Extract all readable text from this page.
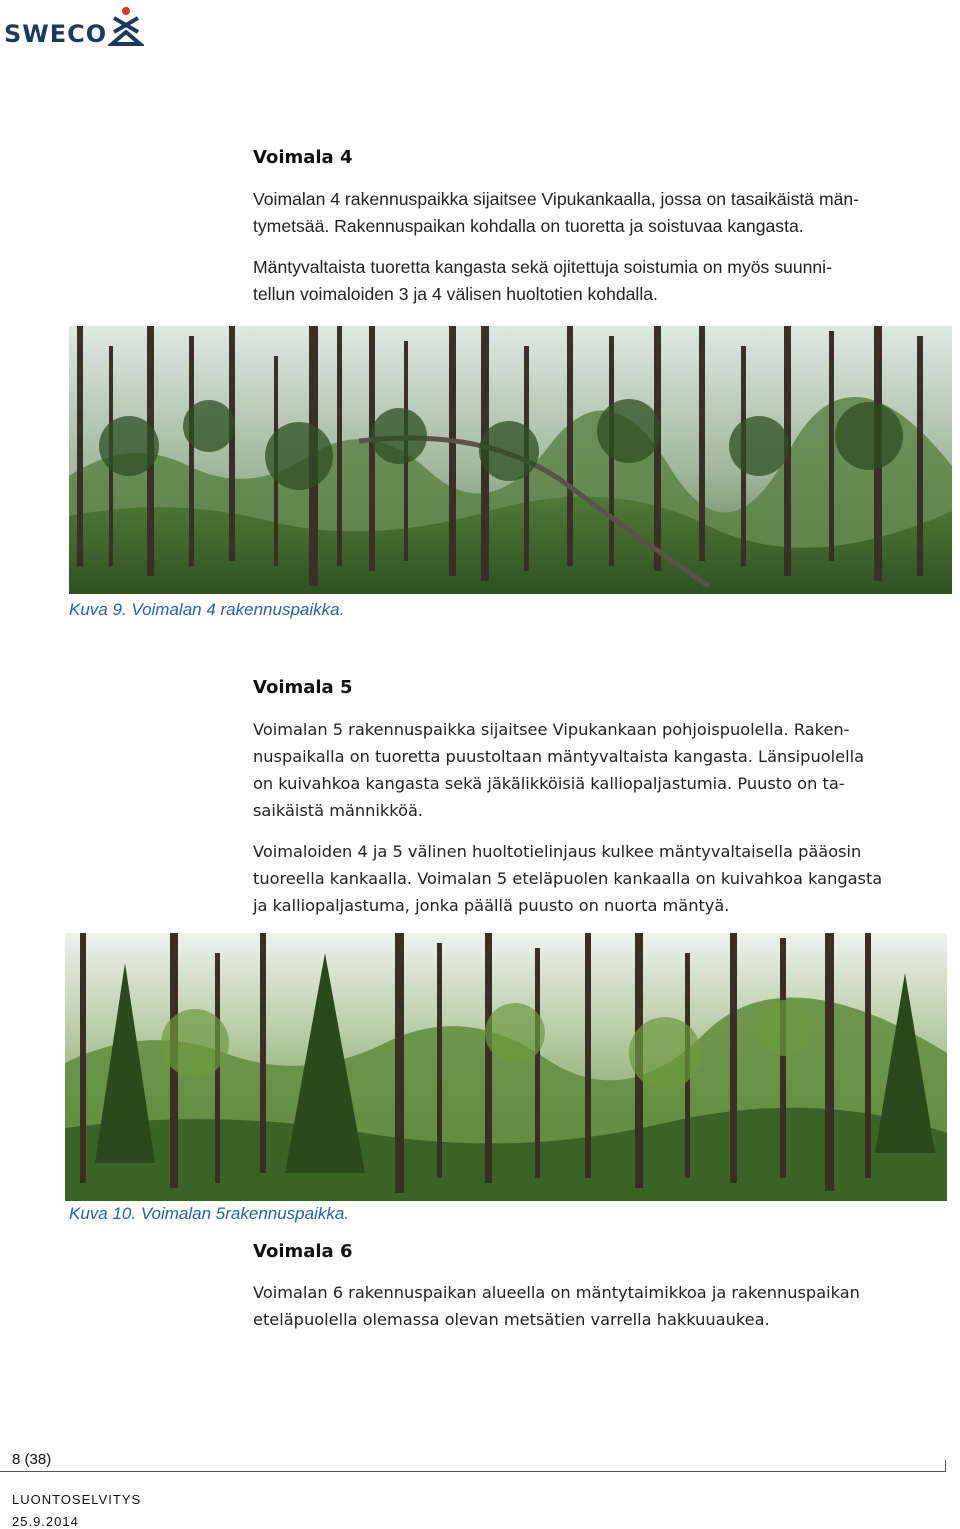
SWECO
Voimala 4
Voimalan 4 rakennuspaikka sijaitsee Vipukankaalla, jossa on tasaikäistä män-
tymetsää. Rakennuspaikan kohdalla on tuoretta ja soistuvaa kangasta.
Mäntyvaltaista tuoretta kangasta sekä ojitettuja soistumia on myös suunni-
tellun voimaloiden 3 ja 4 välisen huoltotien kohdalla.
Kuva 9. Voimalan 4 rakennuspaikka.
Voimala 5
Voimalan 5 rakennuspaikka sijaitsee Vipukankaan pohjoispuolella. Raken-
nuspaikalla on tuoretta puustoltaan mäntyvaltaista kangasta. Länsipuolella
on kuivahkoa kangasta sekä jäkälikköisiä kalliopaljastumia. Puusto on ta-
saikäistä männikköä.
Voimaloiden 4 ja 5 välinen huoltotielinjaus kulkee mäntyvaltaisella pääosin
tuoreella kankaalla. Voimalan 5 eteläpuolen kankaalla on kuivahkoa kangasta
ja kalliopaljastuma, jonka päällä puusto on nuorta mäntyä.
Kuva 10. Voimalan 5rakennuspaikka.
Voimala 6
Voimalan 6 rakennuspaikan alueella on mäntytaimikkoa ja rakennuspaikan
eteläpuolella olemassa olevan metsätien varrella hakkuuaukea.
8 (38)
LUONTOSELVITYS
25.9.2014
